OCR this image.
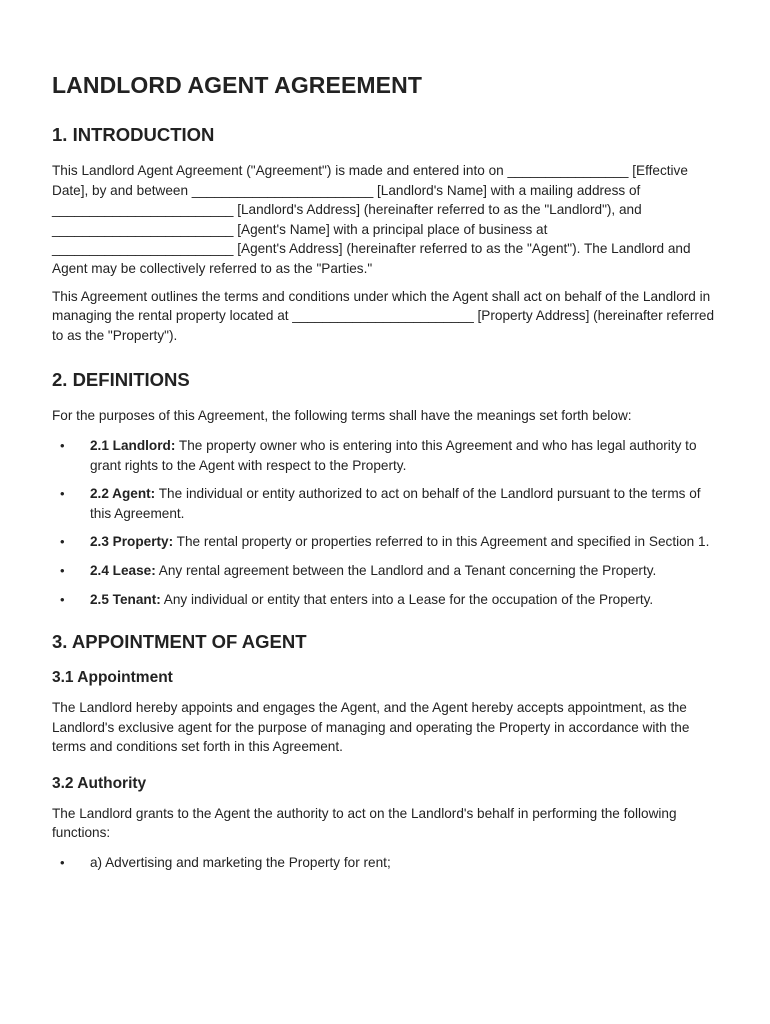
LANDLORD AGENT AGREEMENT
1. INTRODUCTION

This Landlord Agent Agreement ("Agreement") is made and entered into on ________________ [Effective Date], by and between ________________________ [Landlord's Name] with a mailing address of ________________________ [Landlord's Address] (hereinafter referred to as the "Landlord"), and ________________________ [Agent's Name] with a principal place of business at ________________________ [Agent's Address] (hereinafter referred to as the "Agent"). The Landlord and Agent may be collectively referred to as the "Parties."

This Agreement outlines the terms and conditions under which the Agent shall act on behalf of the Landlord in managing the rental property located at ________________________ [Property Address] (hereinafter referred to as the "Property").

2. DEFINITIONS

For the purposes of this Agreement, the following terms shall have the meanings set forth below:

• 2.1 Landlord: The property owner who is entering into this Agreement and who has legal authority to grant rights to the Agent with respect to the Property.
• 2.2 Agent: The individual or entity authorized to act on behalf of the Landlord pursuant to the terms of this Agreement.
• 2.3 Property: The rental property or properties referred to in this Agreement and specified in Section 1.
• 2.4 Lease: Any rental agreement between the Landlord and a Tenant concerning the Property.
• 2.5 Tenant: Any individual or entity that enters into a Lease for the occupation of the Property.
3. APPOINTMENT OF AGENT
3.1 Appointment

The Landlord hereby appoints and engages the Agent, and the Agent hereby accepts appointment, as the Landlord's exclusive agent for the purpose of managing and operating the Property in accordance with the terms and conditions set forth in this Agreement.

3.2 Authority

The Landlord grants to the Agent the authority to act on the Landlord's behalf in performing the following functions:

• a) Advertising and marketing the Property for rent;
